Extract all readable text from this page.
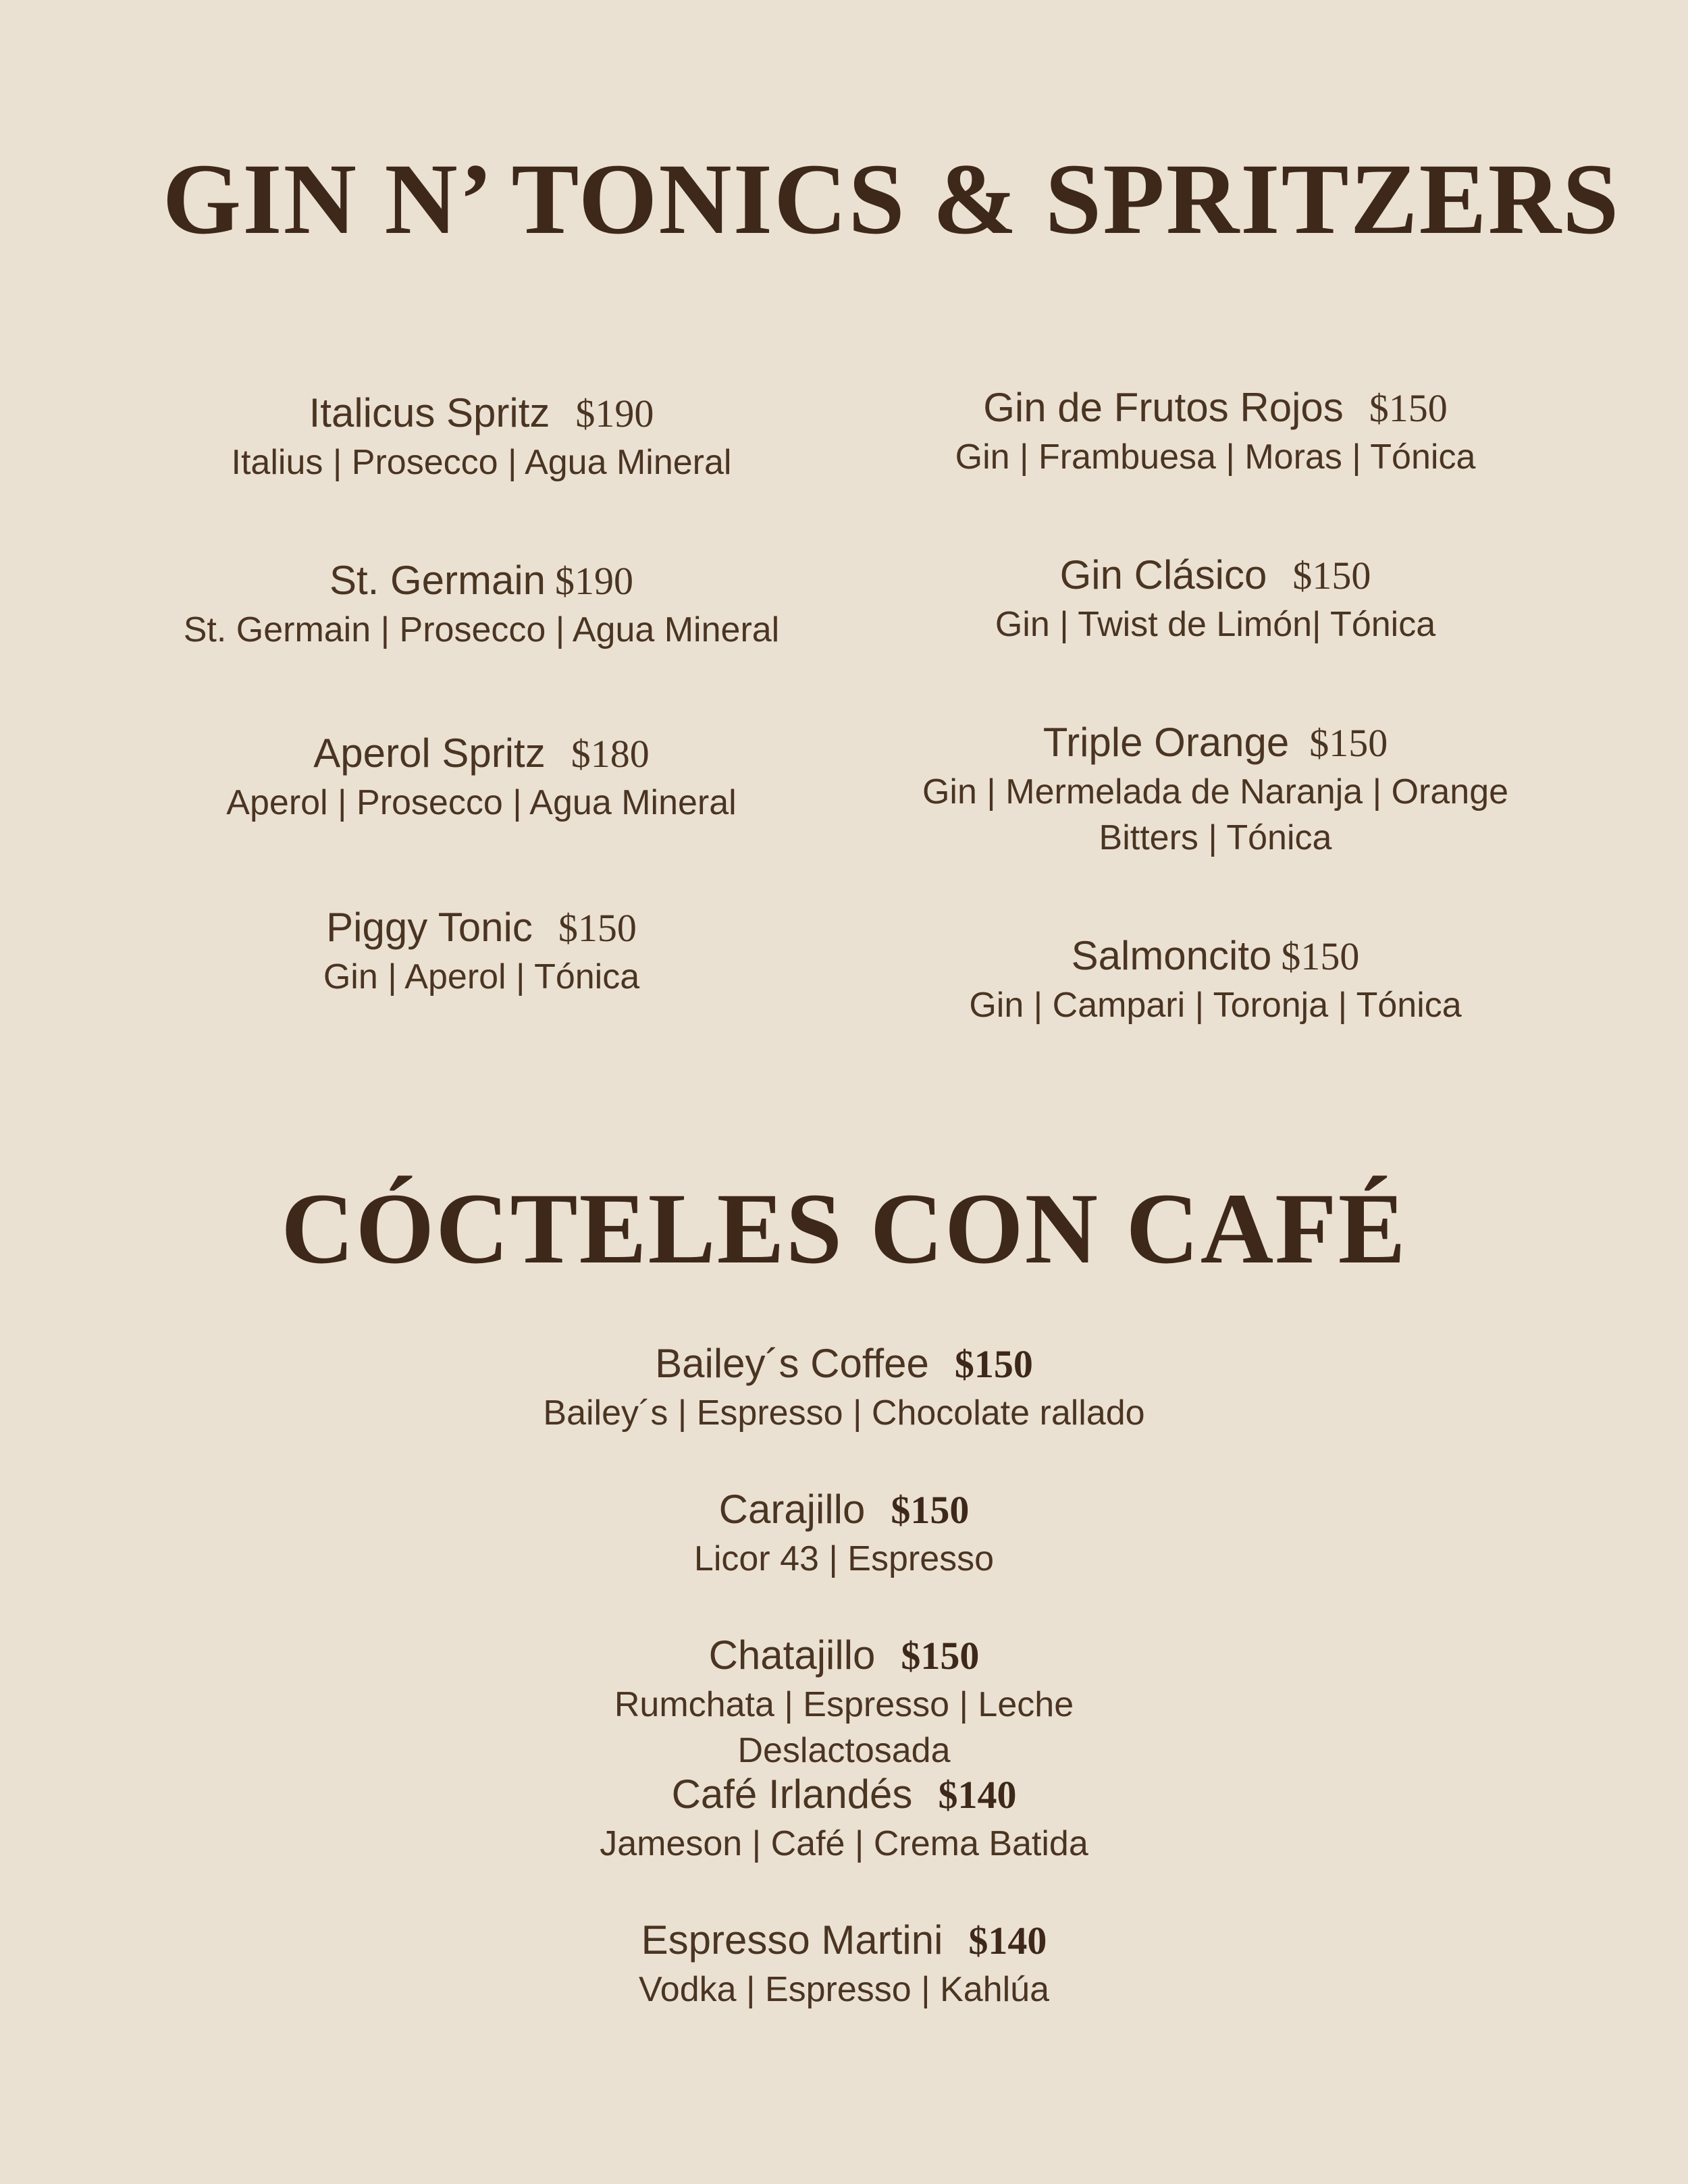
GIN N’ TONICS & SPRITZERS
Italicus Spritz $190
Italius | Prosecco | Agua Mineral
St. Germain $190
St. Germain | Prosecco | Agua Mineral
Aperol Spritz $180
Aperol | Prosecco | Agua Mineral
Piggy Tonic $150
Gin | Aperol | Tónica
Gin de Frutos Rojos $150
Gin | Frambuesa | Moras | Tónica
Gin Clásico $150
Gin | Twist de Limón| Tónica
Triple Orange $150
Gin | Mermelada de Naranja | Orange
Bitters | Tónica
Salmoncito $150
Gin | Campari | Toronja | Tónica
CÓCTELES CON CAFÉ
Bailey´s Coffee $150
Bailey´s | Espresso | Chocolate rallado
Carajillo $150
Licor 43 | Espresso
Chatajillo $150
Rumchata | Espresso | Leche Deslactosada
Café Irlandés $140
Jameson | Café | Crema Batida
Espresso Martini $140
Vodka | Espresso | Kahlúa
